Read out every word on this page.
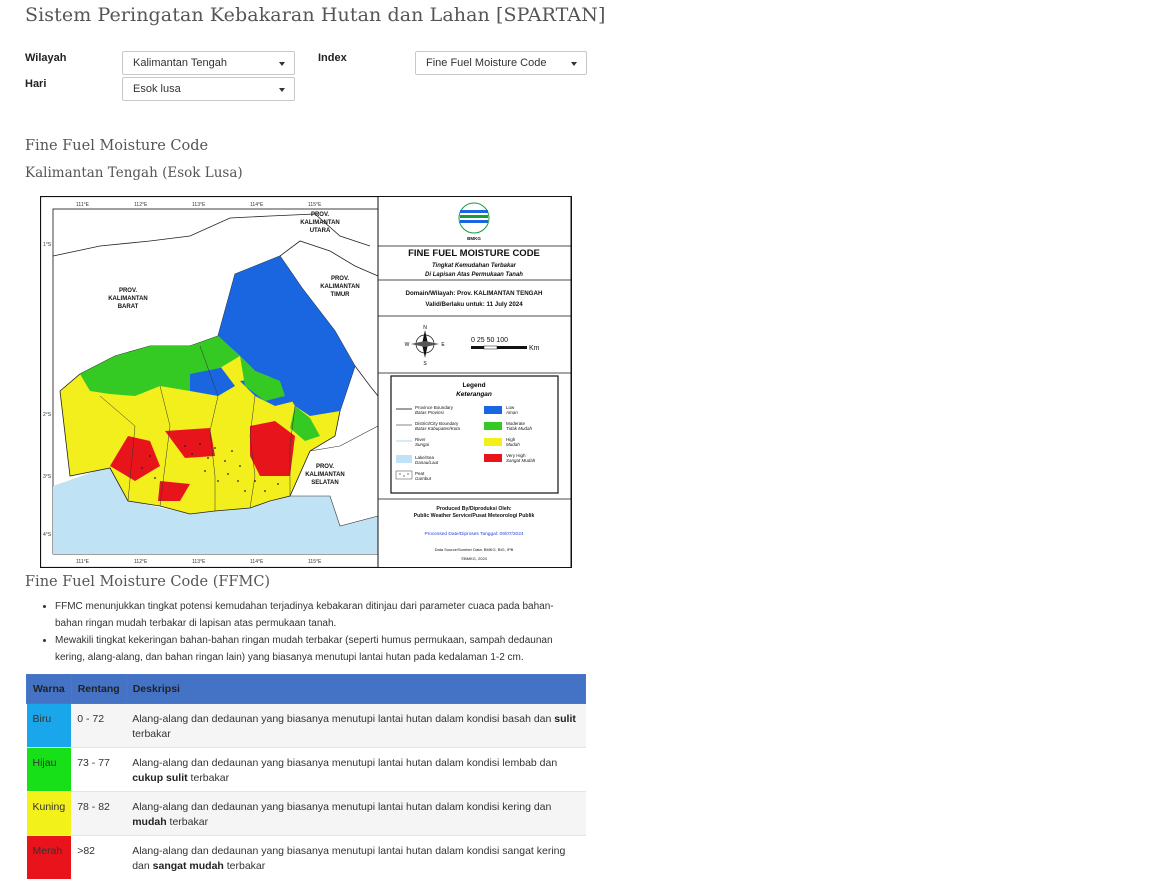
Sistem Peringatan Kebakaran Hutan dan Lahan [SPARTAN]
Wilayah	Kalimantan Tengah
Hari	Esok lusa
Index	Fine Fuel Moisture Code
Fine Fuel Moisture Code
Kalimantan Tengah (Esok Lusa)
111°E	112°E	113°E	114°E	115°E
111°E	112°E	113°E	114°E	115°E
1°S
2°S
3°S
4°S
PROV.
KALIMANTAN
UTARA
PROV.
KALIMANTAN
BARAT
PROV.
KALIMANTAN
TIMUR
PROV.
KALIMANTAN
SELATAN
BMKG
FINE FUEL MOISTURE CODE
Tingkat Kemudahan Terbakar
Di Lapisan Atas Permukaan Tanah
Domain/Wilayah: Prov. KALIMANTAN TENGAH
Valid/Berlaku untuk: 11 July 2024
N
S
W	E
0 25 50 100
Km
Legend
Keterangan
Province Boundary
Batas Provinsi
District/City Boundary
Batas Kabupaten/Kota
River
Sungai
Lake/Sea
Danau/Laut
Peat
Gambut
Low
Aman
Moderate
Tidak Mudah
High
Mudah
Very High
Sangat Mudah
Produced By/Diproduksi Oleh:
Public Weather Service/Pusat Meteorologi Publik
Processed Date/Diproses Tanggal: 09/07/2024
Data Source/Sumber Data: BMKG, BIG, IPB
©BMKG, 2024
Fine Fuel Moisture Code (FFMC)
• FFMC menunjukkan tingkat potensi kemudahan terjadinya kebakaran ditinjau dari parameter cuaca pada bahan-
bahan ringan mudah terbakar di lapisan atas permukaan tanah.
• Mewakili tingkat kekeringan bahan-bahan ringan mudah terbakar (seperti humus permukaan, sampah dedaunan
kering, alang-alang, dan bahan ringan lain) yang biasanya menutupi lantai hutan pada kedalaman 1-2 cm.
Warna	Rentang	Deskripsi
Biru	0 - 72	Alang-alang dan dedaunan yang biasanya menutupi lantai hutan dalam kondisi basah dan sulit terbakar
Hijau	73 - 77	Alang-alang dan dedaunan yang biasanya menutupi lantai hutan dalam kondisi lembab dan cukup sulit terbakar
Kuning	78 - 82	Alang-alang dan dedaunan yang biasanya menutupi lantai hutan dalam kondisi kering dan mudah terbakar
Merah	>82	Alang-alang dan dedaunan yang biasanya menutupi lantai hutan dalam kondisi sangat kering dan sangat mudah terbakar
